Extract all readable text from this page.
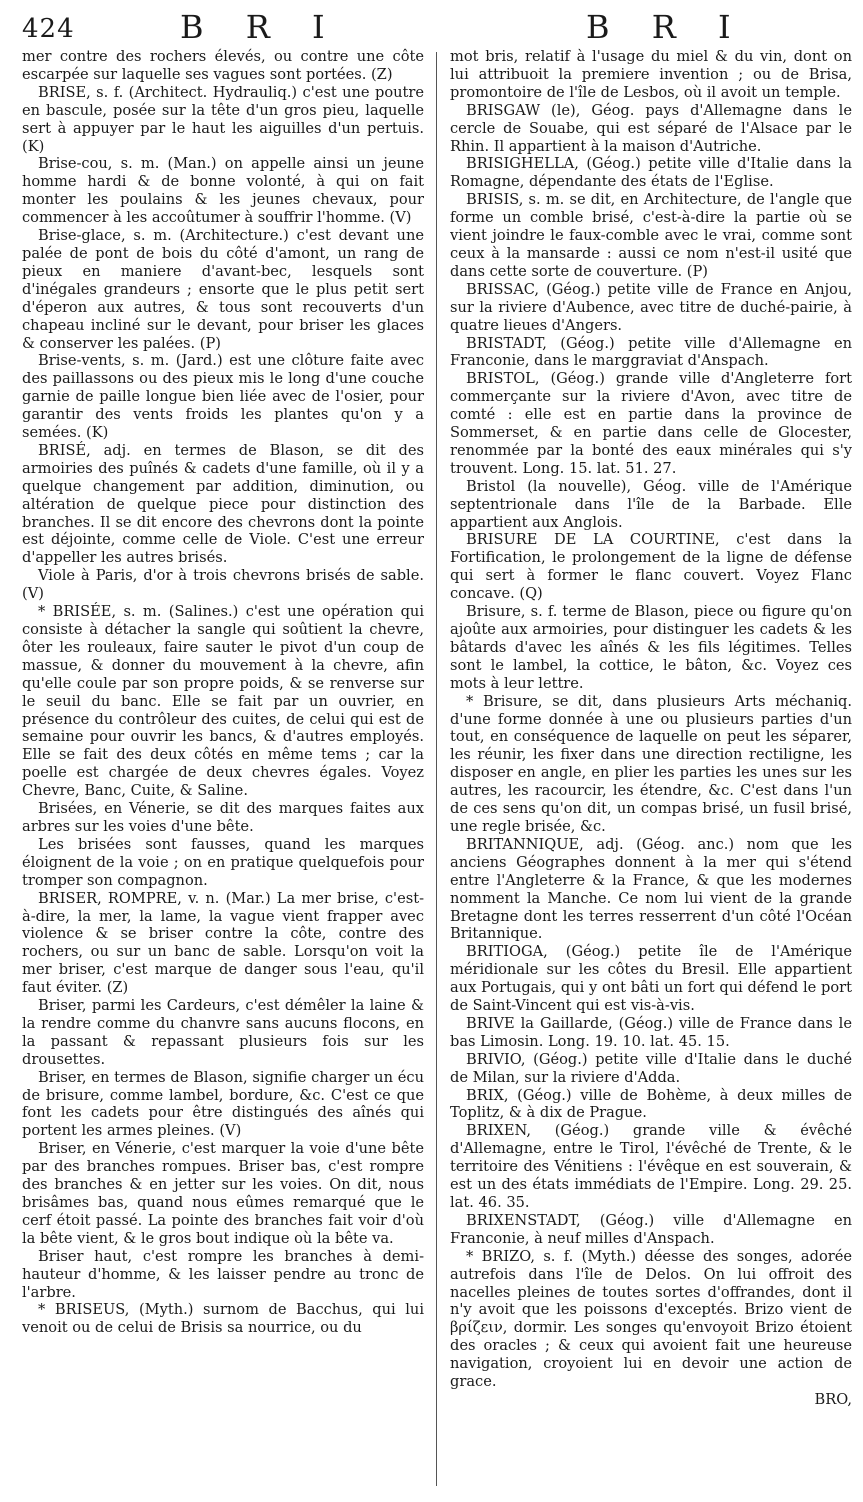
424	B R I	B R I

mer contre des rochers élevés, ou contre une côte escarpée sur laquelle ses vagues sont portées. (Z)

BRISE, s. f. (Architect. Hydrauliq.) c'est une poutre en bascule, posée sur la tête d'un gros pieu, laquelle sert à appuyer par le haut les aiguilles d'un pertuis. (K)

Brise-cou, s. m. (Man.) on appelle ainsi un jeune homme hardi & de bonne volonté, à qui on fait monter les poulains & les jeunes chevaux, pour commencer à les accoûtumer à souffrir l'homme. (V)

Brise-glace, s. m. (Architecture.) c'est devant une palée de pont de bois du côté d'amont, un rang de pieux en maniere d'avant-bec, lesquels sont d'inégales grandeurs ; ensorte que le plus petit sert d'éperon aux autres, & tous sont recouverts d'un chapeau incliné sur le devant, pour briser les glaces & conserver les palées. (P)

Brise-vents, s. m. (Jard.) est une clôture faite avec des paillassons ou des pieux mis le long d'une couche garnie de paille longue bien liée avec de l'osier, pour garantir des vents froids les plantes qu'on y a semées. (K)

BRISÉ, adj. en termes de Blason, se dit des armoiries des puînés & cadets d'une famille, où il y a quelque changement par addition, diminution, ou altération de quelque piece pour distinction des branches. Il se dit encore des chevrons dont la pointe est déjointe, comme celle de Viole. C'est une erreur d'appeller les autres brisés.

Viole à Paris, d'or à trois chevrons brisés de sable. (V)

* BRISÉE, s. m. (Salines.) c'est une opération qui consiste à détacher la sangle qui soûtient la chevre, ôter les rouleaux, faire sauter le pivot d'un coup de massue, & donner du mouvement à la chevre, afin qu'elle coule par son propre poids, & se renverse sur le seuil du banc. Elle se fait par un ouvrier, en présence du contrôleur des cuites, de celui qui est de semaine pour ouvrir les bancs, & d'autres employés. Elle se fait des deux côtés en même tems ; car la poelle est chargée de deux chevres égales. Voyez Chevre, Banc, Cuite, & Saline.

Brisées, en Vénerie, se dit des marques faites aux arbres sur les voies d'une bête.

Les brisées sont fausses, quand les marques éloignent de la voie ; on en pratique quelquefois pour tromper son compagnon.

BRISER, ROMPRE, v. n. (Mar.) La mer brise, c'est-à-dire, la mer, la lame, la vague vient frapper avec violence & se briser contre la côte, contre des rochers, ou sur un banc de sable. Lorsqu'on voit la mer briser, c'est marque de danger sous l'eau, qu'il faut éviter. (Z)

Briser, parmi les Cardeurs, c'est démêler la laine & la rendre comme du chanvre sans aucuns flocons, en la passant & repassant plusieurs fois sur les drousettes.

Briser, en termes de Blason, signifie charger un écu de brisure, comme lambel, bordure, &c. C'est ce que font les cadets pour être distingués des aînés qui portent les armes pleines. (V)

Briser, en Vénerie, c'est marquer la voie d'une bête par des branches rompues. Briser bas, c'est rompre des branches & en jetter sur les voies. On dit, nous brisâmes bas, quand nous eûmes remarqué que le cerf étoit passé. La pointe des branches fait voir d'où la bête vient, & le gros bout indique où la bête va.

Briser haut, c'est rompre les branches à demi-hauteur d'homme, & les laisser pendre au tronc de l'arbre.

* BRISEUS, (Myth.) surnom de Bacchus, qui lui venoit ou de celui de Brisis sa nourrice, ou du

mot bris, relatif à l'usage du miel & du vin, dont on lui attribuoit la premiere invention ; ou de Brisa, promontoire de l'île de Lesbos, où il avoit un temple.

BRISGAW (le), Géog. pays d'Allemagne dans le cercle de Souabe, qui est séparé de l'Alsace par le Rhin. Il appartient à la maison d'Autriche.

BRISIGHELLA, (Géog.) petite ville d'Italie dans la Romagne, dépendante des états de l'Eglise.

BRISIS, s. m. se dit, en Architecture, de l'angle que forme un comble brisé, c'est-à-dire la partie où se vient joindre le faux-comble avec le vrai, comme sont ceux à la mansarde : aussi ce nom n'est-il usité que dans cette sorte de couverture. (P)

BRISSAC, (Géog.) petite ville de France en Anjou, sur la riviere d'Aubence, avec titre de duché-pairie, à quatre lieues d'Angers.

BRISTADT, (Géog.) petite ville d'Allemagne en Franconie, dans le marggraviat d'Anspach.

BRISTOL, (Géog.) grande ville d'Angleterre fort commerçante sur la riviere d'Avon, avec titre de comté : elle est en partie dans la province de Sommerset, & en partie dans celle de Glocester, renommée par la bonté des eaux minérales qui s'y trouvent. Long. 15. lat. 51. 27.

Bristol (la nouvelle), Géog. ville de l'Amérique septentrionale dans l'île de la Barbade. Elle appartient aux Anglois.

BRISURE DE LA COURTINE, c'est dans la Fortification, le prolongement de la ligne de défense qui sert à former le flanc couvert. Voyez Flanc concave. (Q)

Brisure, s. f. terme de Blason, piece ou figure qu'on ajoûte aux armoiries, pour distinguer les cadets & les bâtards d'avec les aînés & les fils légitimes. Telles sont le lambel, la cottice, le bâton, &c. Voyez ces mots à leur lettre.

* Brisure, se dit, dans plusieurs Arts méchaniq. d'une forme donnée à une ou plusieurs parties d'un tout, en conséquence de laquelle on peut les séparer, les réunir, les fixer dans une direction rectiligne, les disposer en angle, en plier les parties les unes sur les autres, les racourcir, les étendre, &c. C'est dans l'un de ces sens qu'on dit, un compas brisé, un fusil brisé, une regle brisée, &c.

BRITANNIQUE, adj. (Géog. anc.) nom que les anciens Géographes donnent à la mer qui s'étend entre l'Angleterre & la France, & que les modernes nomment la Manche. Ce nom lui vient de la grande Bretagne dont les terres resserrent d'un côté l'Océan Britannique.

BRITIOGA, (Géog.) petite île de l'Amérique méridionale sur les côtes du Bresil. Elle appartient aux Portugais, qui y ont bâti un fort qui défend le port de Saint-Vincent qui est vis-à-vis.

BRIVE la Gaillarde, (Géog.) ville de France dans le bas Limosin. Long. 19. 10. lat. 45. 15.

BRIVIO, (Géog.) petite ville d'Italie dans le duché de Milan, sur la riviere d'Adda.

BRIX, (Géog.) ville de Bohème, à deux milles de Toplitz, & à dix de Prague.

BRIXEN, (Géog.) grande ville & évêché d'Allemagne, entre le Tirol, l'évêché de Trente, & le territoire des Vénitiens : l'évêque en est souverain, & est un des états immédiats de l'Empire. Long. 29. 25. lat. 46. 35.

BRIXENSTADT, (Géog.) ville d'Allemagne en Franconie, à neuf milles d'Anspach.

* BRIZO, s. f. (Myth.) déesse des songes, adorée autrefois dans l'île de Delos. On lui offroit des nacelles pleines de toutes sortes d'offrandes, dont il n'y avoit que les poissons d'exceptés. Brizo vient de βρίζειν, dormir. Les songes qu'envoyoit Brizo étoient des oracles ; & ceux qui avoient fait une heureuse navigation, croyoient lui en devoir une action de grace.

BRO,
